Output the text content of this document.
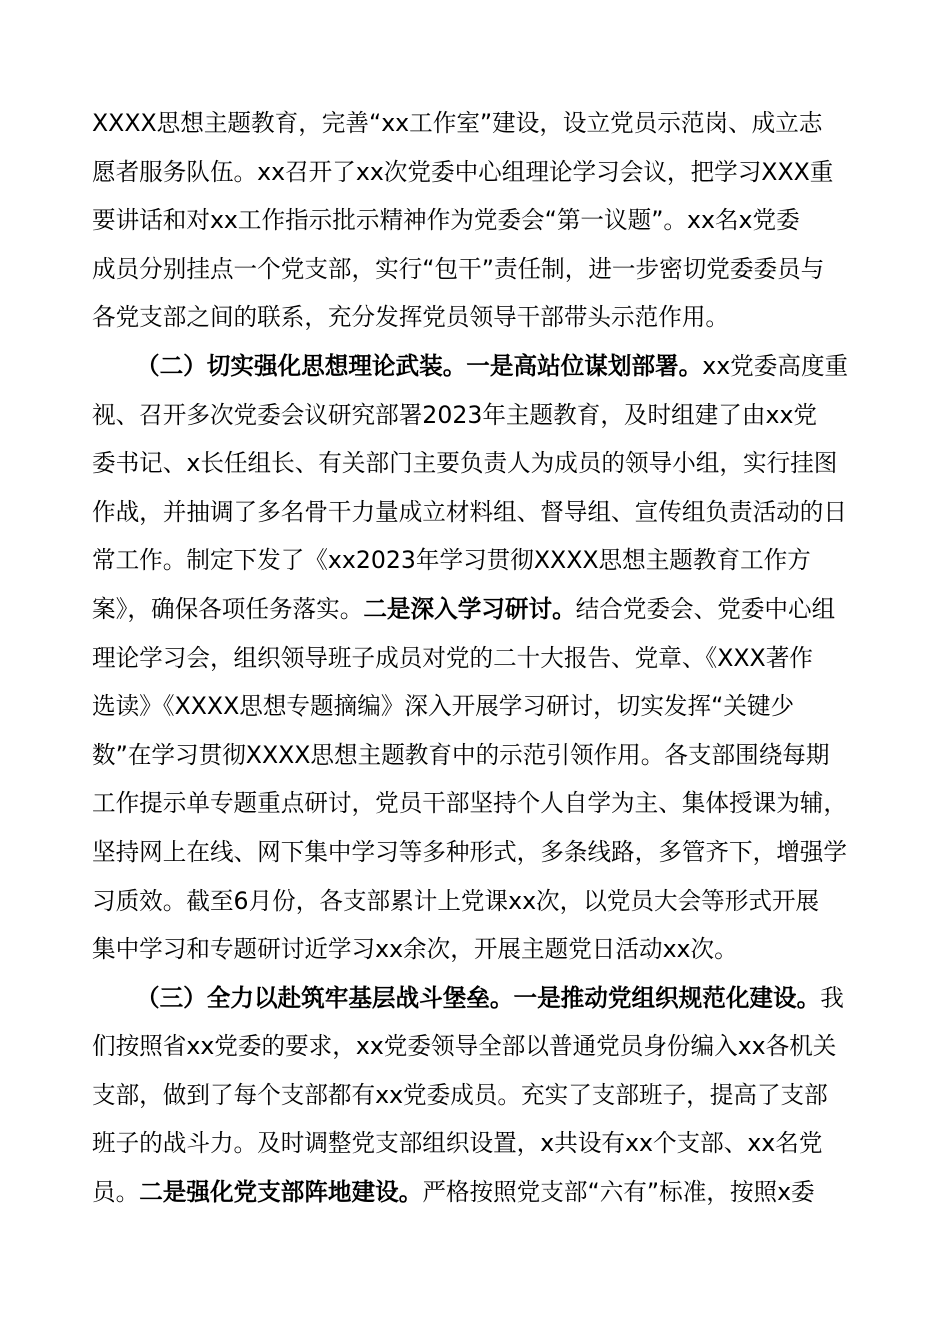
XXXX思想主题教育，完善“xx工作室”建设，设立党员示范岗、成立志
愿者服务队伍。xx召开了xx次党委中心组理论学习会议，把学习XXX重
要讲话和对xx工作指示批示精神作为党委会“第一议题”。xx名x党委
成员分别挂点一个党支部，实行“包干”责任制，进一步密切党委委员与
各党支部之间的联系，充分发挥党员领导干部带头示范作用。
（二）切实强化思想理论武装。一是高站位谋划部署。xx党委高度重
视、召开多次党委会议研究部署2023年主题教育，及时组建了由xx党
委书记、x长任组长、有关部门主要负责人为成员的领导小组，实行挂图
作战，并抽调了多名骨干力量成立材料组、督导组、宣传组负责活动的日
常工作。制定下发了《xx2023年学习贯彻XXXX思想主题教育工作方
案》，确保各项任务落实。二是深入学习研讨。结合党委会、党委中心组
理论学习会，组织领导班子成员对党的二十大报告、党章、《XXX著作
选读》《XXXX思想专题摘编》深入开展学习研讨，切实发挥“关键少
数”在学习贯彻XXXX思想主题教育中的示范引领作用。各支部围绕每期
工作提示单专题重点研讨，党员干部坚持个人自学为主、集体授课为辅，
坚持网上在线、网下集中学习等多种形式，多条线路，多管齐下，增强学
习质效。截至6月份，各支部累计上党课xx次，以党员大会等形式开展
集中学习和专题研讨近学习xx余次，开展主题党日活动xx次。
（三）全力以赴筑牢基层战斗堡垒。一是推动党组织规范化建设。我
们按照省xx党委的要求，xx党委领导全部以普通党员身份编入xx各机关
支部，做到了每个支部都有xx党委成员。充实了支部班子，提高了支部
班子的战斗力。及时调整党支部组织设置，x共设有xx个支部、xx名党
员。二是强化党支部阵地建设。严格按照党支部“六有”标准，按照x委
